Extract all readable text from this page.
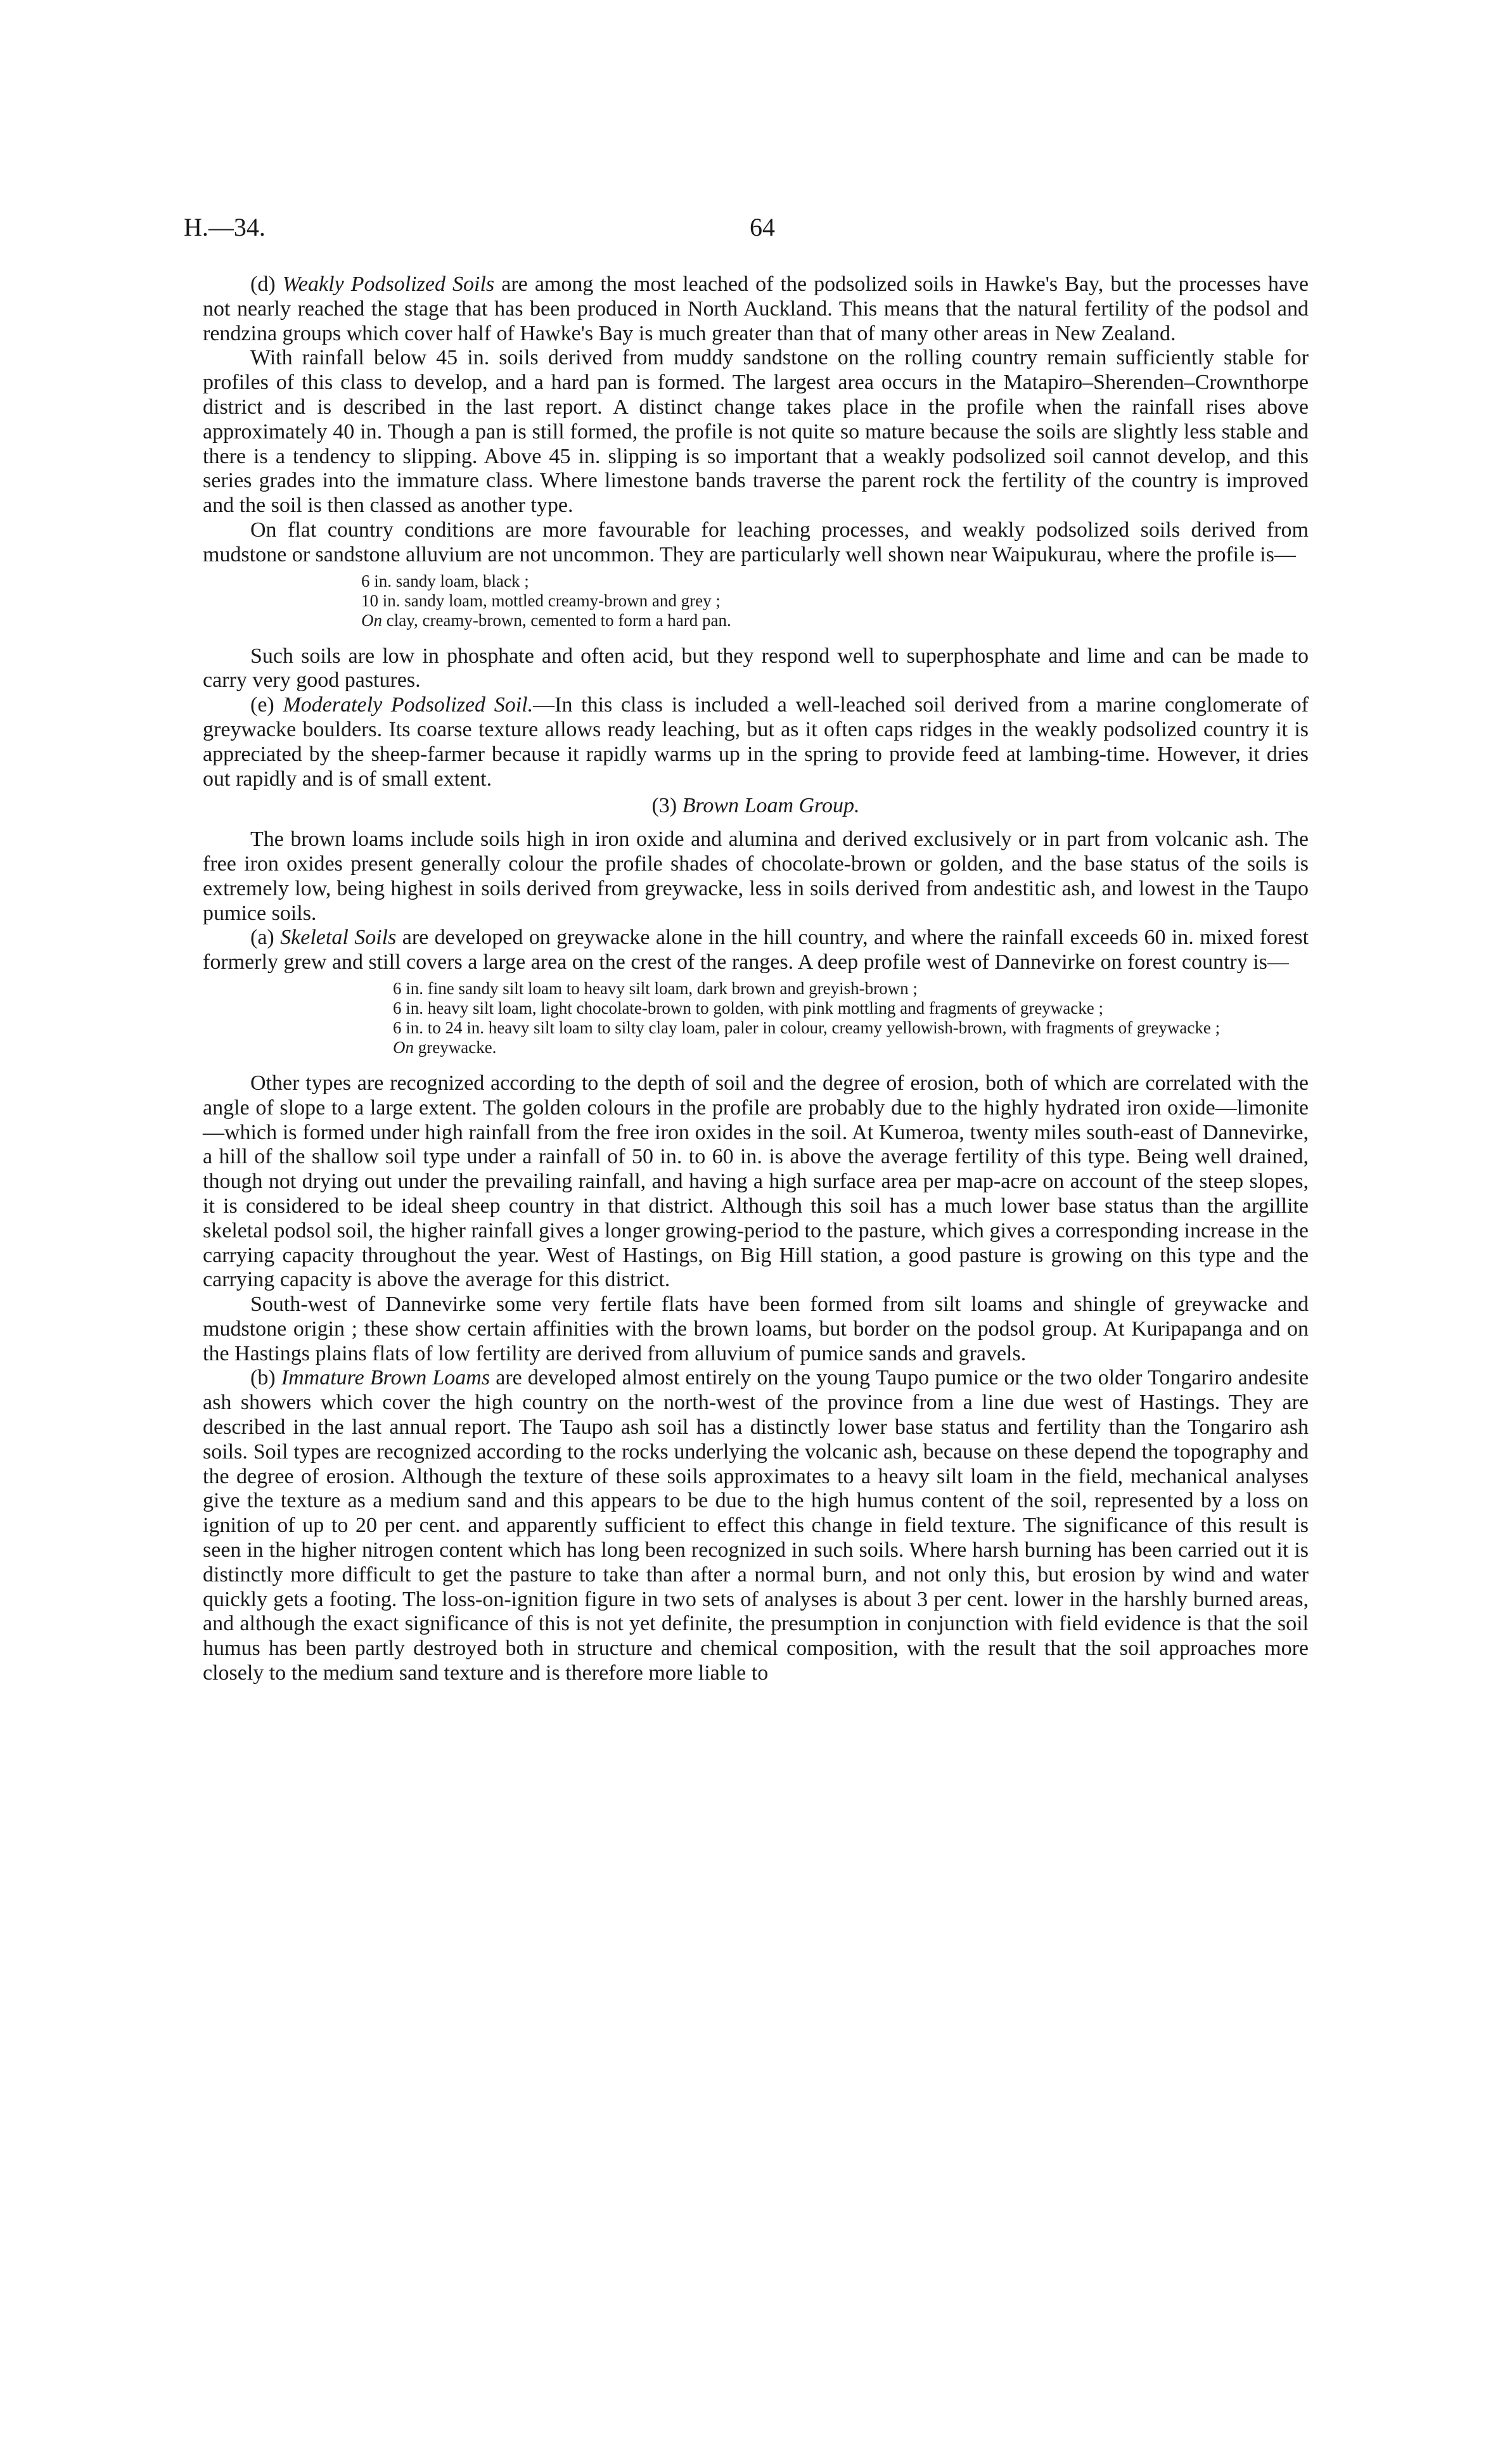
H.—34.	64

(d) Weakly Podsolized Soils are among the most leached of the podsolized soils in Hawke's Bay, but the processes have not nearly reached the stage that has been produced in North Auckland. This means that the natural fertility of the podsol and rendzina groups which cover half of Hawke's Bay is much greater than that of many other areas in New Zealand.

With rainfall below 45 in. soils derived from muddy sandstone on the rolling country remain sufficiently stable for profiles of this class to develop, and a hard pan is formed. The largest area occurs in the Matapiro–Sherenden–Crownthorpe district and is described in the last report. A distinct change takes place in the profile when the rainfall rises above approximately 40 in. Though a pan is still formed, the profile is not quite so mature because the soils are slightly less stable and there is a tendency to slipping. Above 45 in. slipping is so important that a weakly podsolized soil cannot develop, and this series grades into the immature class. Where limestone bands traverse the parent rock the fertility of the country is improved and the soil is then classed as another type.

On flat country conditions are more favourable for leaching processes, and weakly podsolized soils derived from mudstone or sandstone alluvium are not uncommon. They are particularly well shown near Waipukurau, where the profile is—

6 in. sandy loam, black ;
10 in. sandy loam, mottled creamy-brown and grey ;
On clay, creamy-brown, cemented to form a hard pan.

Such soils are low in phosphate and often acid, but they respond well to superphosphate and lime and can be made to carry very good pastures.

(e) Moderately Podsolized Soil.—In this class is included a well-leached soil derived from a marine conglomerate of greywacke boulders. Its coarse texture allows ready leaching, but as it often caps ridges in the weakly podsolized country it is appreciated by the sheep-farmer because it rapidly warms up in the spring to provide feed at lambing-time. However, it dries out rapidly and is of small extent.

(3) Brown Loam Group.

The brown loams include soils high in iron oxide and alumina and derived exclusively or in part from volcanic ash. The free iron oxides present generally colour the profile shades of chocolate-brown or golden, and the base status of the soils is extremely low, being highest in soils derived from greywacke, less in soils derived from andestitic ash, and lowest in the Taupo pumice soils.

(a) Skeletal Soils are developed on greywacke alone in the hill country, and where the rainfall exceeds 60 in. mixed forest formerly grew and still covers a large area on the crest of the ranges. A deep profile west of Dannevirke on forest country is—

6 in. fine sandy silt loam to heavy silt loam, dark brown and greyish-brown ;
6 in. heavy silt loam, light chocolate-brown to golden, with pink mottling and fragments of greywacke ;
6 in. to 24 in. heavy silt loam to silty clay loam, paler in colour, creamy yellowish-brown, with fragments of greywacke ;
On greywacke.

Other types are recognized according to the depth of soil and the degree of erosion, both of which are correlated with the angle of slope to a large extent. The golden colours in the profile are probably due to the highly hydrated iron oxide—limonite—which is formed under high rainfall from the free iron oxides in the soil. At Kumeroa, twenty miles south-east of Dannevirke, a hill of the shallow soil type under a rainfall of 50 in. to 60 in. is above the average fertility of this type. Being well drained, though not drying out under the prevailing rainfall, and having a high surface area per map-acre on account of the steep slopes, it is considered to be ideal sheep country in that district. Although this soil has a much lower base status than the argillite skeletal podsol soil, the higher rainfall gives a longer growing-period to the pasture, which gives a corresponding increase in the carrying capacity throughout the year. West of Hastings, on Big Hill station, a good pasture is growing on this type and the carrying capacity is above the average for this district.

South-west of Dannevirke some very fertile flats have been formed from silt loams and shingle of greywacke and mudstone origin ; these show certain affinities with the brown loams, but border on the podsol group. At Kuripapanga and on the Hastings plains flats of low fertility are derived from alluvium of pumice sands and gravels.

(b) Immature Brown Loams are developed almost entirely on the young Taupo pumice or the two older Tongariro andesite ash showers which cover the high country on the north-west of the province from a line due west of Hastings. They are described in the last annual report. The Taupo ash soil has a distinctly lower base status and fertility than the Tongariro ash soils. Soil types are recognized according to the rocks underlying the volcanic ash, because on these depend the topography and the degree of erosion. Although the texture of these soils approximates to a heavy silt loam in the field, mechanical analyses give the texture as a medium sand and this appears to be due to the high humus content of the soil, represented by a loss on ignition of up to 20 per cent. and apparently sufficient to effect this change in field texture. The significance of this result is seen in the higher nitrogen content which has long been recognized in such soils. Where harsh burning has been carried out it is distinctly more difficult to get the pasture to take than after a normal burn, and not only this, but erosion by wind and water quickly gets a footing. The loss-on-ignition figure in two sets of analyses is about 3 per cent. lower in the harshly burned areas, and although the exact significance of this is not yet definite, the presumption in conjunction with field evidence is that the soil humus has been partly destroyed both in structure and chemical composition, with the result that the soil approaches more closely to the medium sand texture and is therefore more liable to
